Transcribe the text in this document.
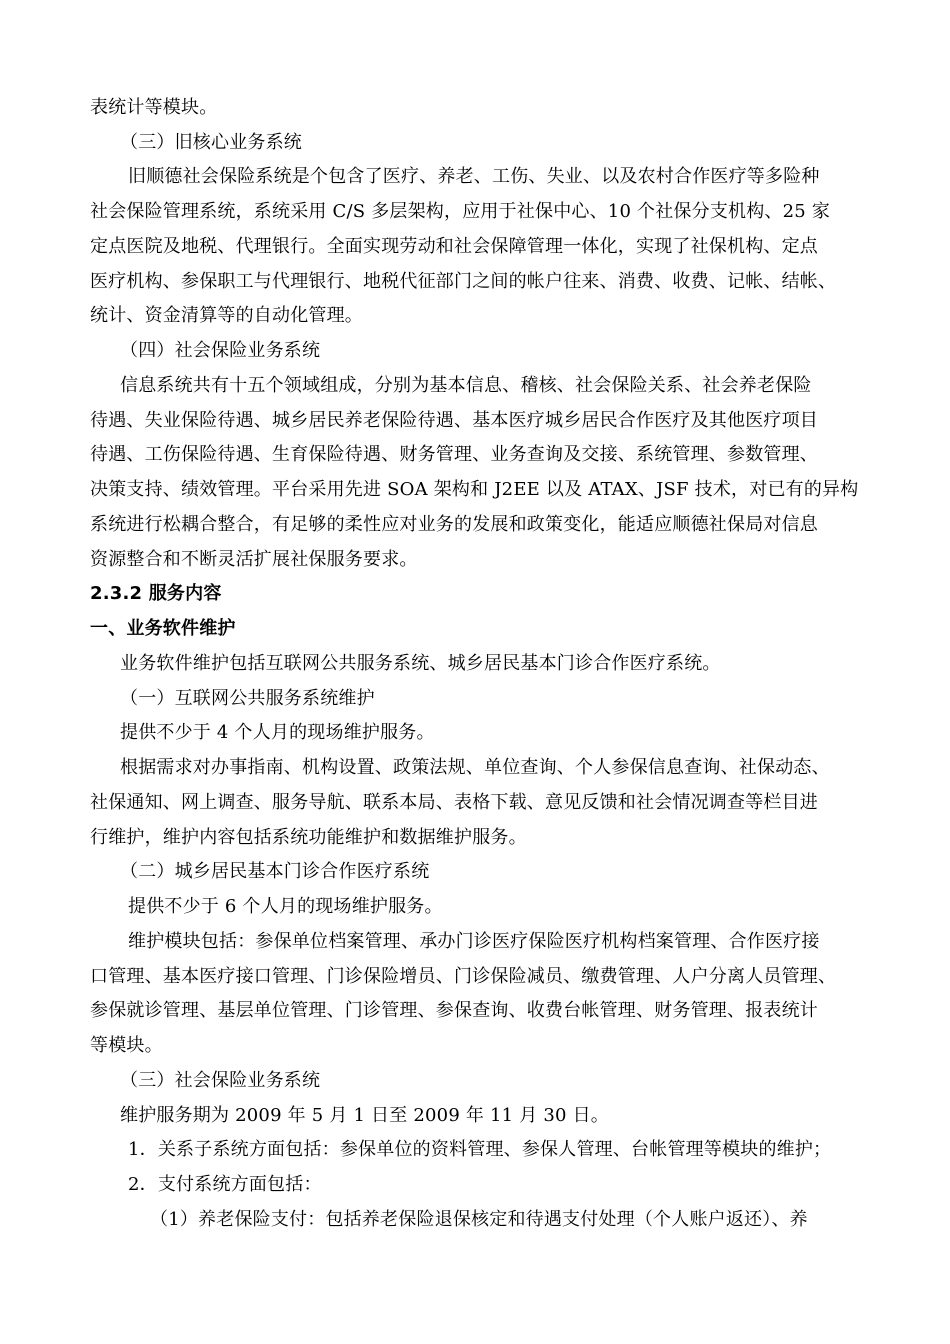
表统计等模块。
（三）旧核心业务系统
旧顺德社会保险系统是个包含了医疗、养老、工伤、失业、以及农村合作医疗等多险种
社会保险管理系统，系统采用 C/S 多层架构，应用于社保中心、10 个社保分支机构、25 家
定点医院及地税、代理银行。全面实现劳动和社会保障管理一体化，实现了社保机构、定点
医疗机构、参保职工与代理银行、地税代征部门之间的帐户往来、消费、收费、记帐、结帐、
统计、资金清算等的自动化管理。
（四）社会保险业务系统
信息系统共有十五个领域组成，分别为基本信息、稽核、社会保险关系、社会养老保险
待遇、失业保险待遇、城乡居民养老保险待遇、基本医疗城乡居民合作医疗及其他医疗项目
待遇、工伤保险待遇、生育保险待遇、财务管理、业务查询及交接、系统管理、参数管理、
决策支持、绩效管理。平台采用先进 SOA 架构和 J2EE 以及 ATAX、JSF 技术，对已有的异构
系统进行松耦合整合，有足够的柔性应对业务的发展和政策变化，能适应顺德社保局对信息
资源整合和不断灵活扩展社保服务要求。
2.3.2 服务内容
一、业务软件维护
业务软件维护包括互联网公共服务系统、城乡居民基本门诊合作医疗系统。
（一）互联网公共服务系统维护
提供不少于 4 个人月的现场维护服务。
根据需求对办事指南、机构设置、政策法规、单位查询、个人参保信息查询、社保动态、
社保通知、网上调查、服务导航、联系本局、表格下载、意见反馈和社会情况调查等栏目进
行维护，维护内容包括系统功能维护和数据维护服务。
（二）城乡居民基本门诊合作医疗系统
提供不少于 6 个人月的现场维护服务。
维护模块包括：参保单位档案管理、承办门诊医疗保险医疗机构档案管理、合作医疗接
口管理、基本医疗接口管理、门诊保险增员、门诊保险减员、缴费管理、人户分离人员管理、
参保就诊管理、基层单位管理、门诊管理、参保查询、收费台帐管理、财务管理、报表统计
等模块。
（三）社会保险业务系统
维护服务期为 2009 年 5 月 1 日至 2009 年 11 月 30 日。
1．关系子系统方面包括：参保单位的资料管理、参保人管理、台帐管理等模块的维护；
2．支付系统方面包括：
（1）养老保险支付：包括养老保险退保核定和待遇支付处理（个人账户返还）、养
